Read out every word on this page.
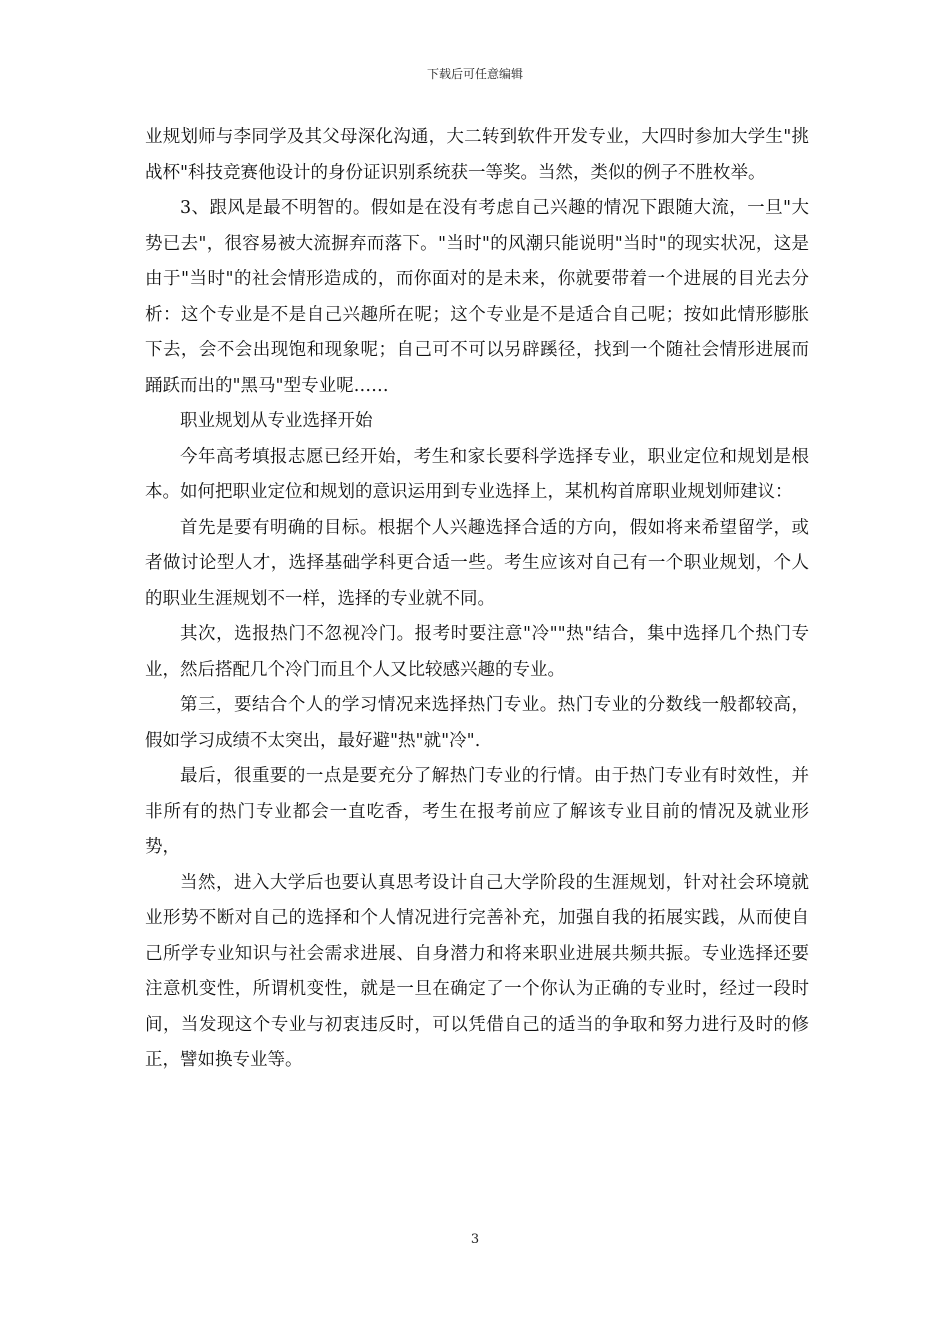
下载后可任意编辑

业规划师与李同学及其父母深化沟通，大二转到软件开发专业，大四时参加大学生"挑战杯"科技竞赛他设计的身份证识别系统获一等奖。当然，类似的例子不胜枚举。

3、跟风是最不明智的。假如是在没有考虑自己兴趣的情况下跟随大流，一旦"大势已去"，很容易被大流摒弃而落下。"当时"的风潮只能说明"当时"的现实状况，这是由于"当时"的社会情形造成的，而你面对的是未来，你就要带着一个进展的目光去分析：这个专业是不是自己兴趣所在呢；这个专业是不是适合自己呢；按如此情形膨胀下去，会不会出现饱和现象呢；自己可不可以另辟蹊径，找到一个随社会情形进展而踊跃而出的"黑马"型专业呢……

职业规划从专业选择开始

今年高考填报志愿已经开始，考生和家长要科学选择专业，职业定位和规划是根本。如何把职业定位和规划的意识运用到专业选择上，某机构首席职业规划师建议：

首先是要有明确的目标。根据个人兴趣选择合适的方向，假如将来希望留学，或者做讨论型人才，选择基础学科更合适一些。考生应该对自己有一个职业规划，个人的职业生涯规划不一样，选择的专业就不同。

其次，选报热门不忽视冷门。报考时要注意"冷""热"结合，集中选择几个热门专业，然后搭配几个冷门而且个人又比较感兴趣的专业。

第三，要结合个人的学习情况来选择热门专业。热门专业的分数线一般都较高，假如学习成绩不太突出，最好避"热"就"冷".

最后，很重要的一点是要充分了解热门专业的行情。由于热门专业有时效性，并非所有的热门专业都会一直吃香，考生在报考前应了解该专业目前的情况及就业形势，

当然，进入大学后也要认真思考设计自己大学阶段的生涯规划，针对社会环境就业形势不断对自己的选择和个人情况进行完善补充，加强自我的拓展实践，从而使自己所学专业知识与社会需求进展、自身潜力和将来职业进展共频共振。专业选择还要注意机变性，所谓机变性，就是一旦在确定了一个你认为正确的专业时，经过一段时间，当发现这个专业与初衷违反时，可以凭借自己的适当的争取和努力进行及时的修正，譬如换专业等。

3
